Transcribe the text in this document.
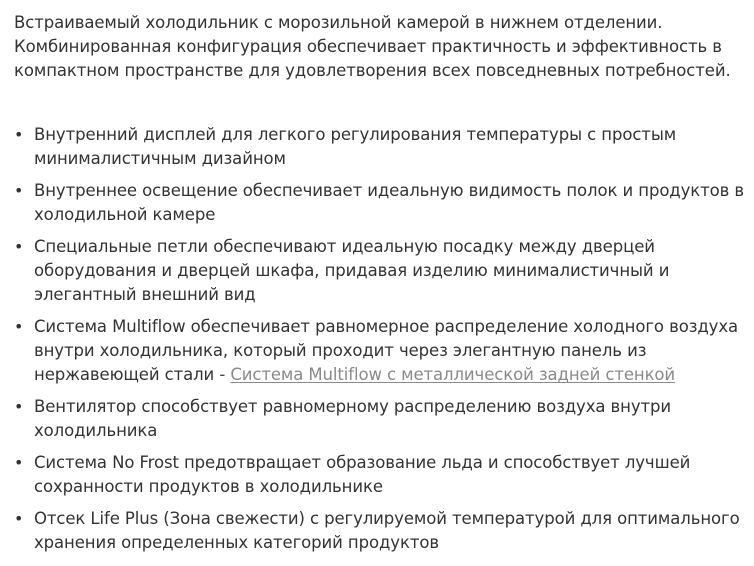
Встраиваемый холодильник с морозильной камерой в нижнем отделении. Комбинированная конфигурация обеспечивает практичность и эффективность в компактном пространстве для удовлетворения всех повседневных потребностей.

• Внутренний дисплей для легкого регулирования температуры с простым минималистичным дизайном
• Внутреннее освещение обеспечивает идеальную видимость полок и продуктов в холодильной камере
• Специальные петли обеспечивают идеальную посадку между дверцей оборудования и дверцей шкафа, придавая изделию минималистичный и элегантный внешний вид
• Система Multiflow обеспечивает равномерное распределение холодного воздуха внутри холодильника, который проходит через элегантную панель из нержавеющей стали - Система Multiflow с металлической задней стенкой
• Вентилятор способствует равномерному распределению воздуха внутри холодильника
• Система No Frost предотвращает образование льда и способствует лучшей сохранности продуктов в холодильнике
• Отсек Life Plus (Зона свежести) с регулируемой температурой для оптимального хранения определенных категорий продуктов
